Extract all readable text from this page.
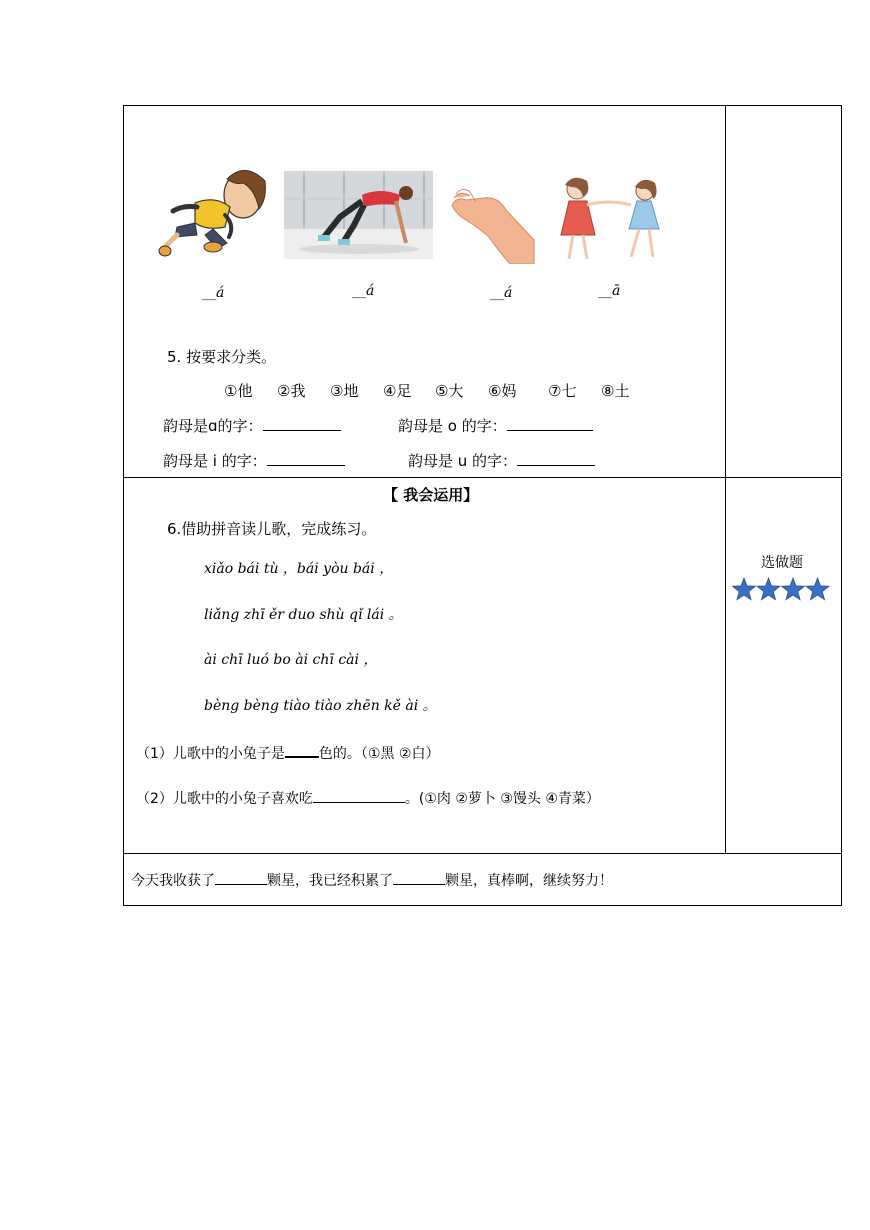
__á	__á	__á	__ā
5. 按要求分类。
①他 ②我 ③地 ④足 ⑤大 ⑥妈 ⑦七 ⑧土
韵母是ɑ的字：	韵母是 o 的字：
韵母是 i 的字：	韵母是 u 的字：
【 我会运用】
6.借助拼音读儿歌，完成练习。
xiǎo bái tù ，bái yòu bái ，
liǎng zhī ěr duo shù qǐ lái 。
ài chī luó bo ài chī cài ，
bèng bèng tiào tiào zhēn kě ài 。
（1）儿歌中的小兔子是 色的。（①黑 ②白）
（2）儿歌中的小兔子喜欢吃	。(①肉 ②萝卜 ③馒头 ④青菜）
选做题
今天我收获了	颗星，我已经积累了	颗星，真棒啊，继续努力！
